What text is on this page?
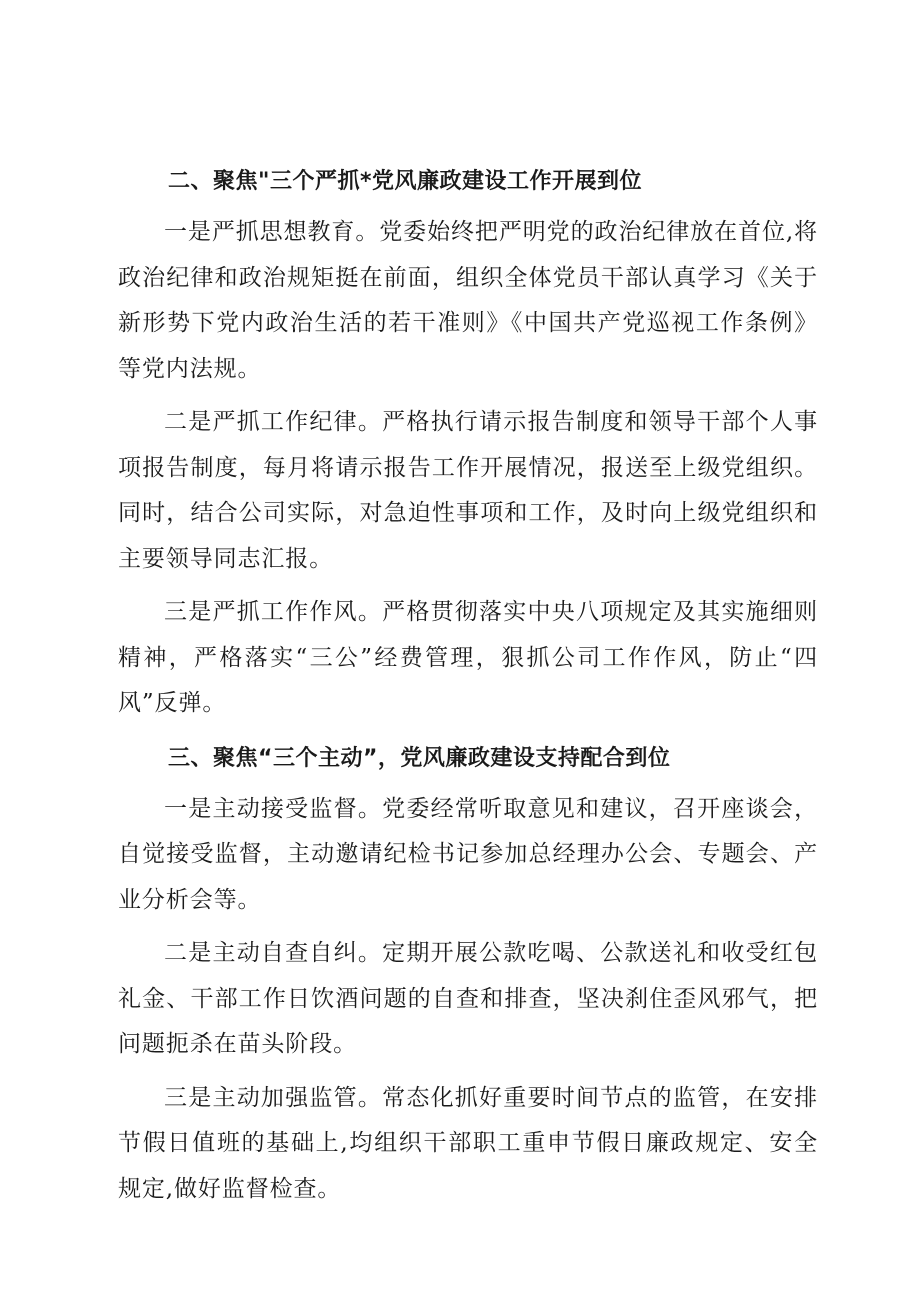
二、聚焦"三个严抓*党风廉政建设工作开展到位

一是严抓思想教育。党委始终把严明党的政治纪律放在首位,将政治纪律和政治规矩挺在前面，组织全体党员干部认真学习《关于新形势下党内政治生活的若干准则》《中国共产党巡视工作条例》等党内法规。

二是严抓工作纪律。严格执行请示报告制度和领导干部个人事项报告制度，每月将请示报告工作开展情况，报送至上级党组织。同时，结合公司实际，对急迫性事项和工作，及时向上级党组织和主要领导同志汇报。

三是严抓工作作风。严格贯彻落实中央八项规定及其实施细则精神，严格落实“三公”经费管理，狠抓公司工作作风，防止“四风”反弹。

三、聚焦“三个主动”，党风廉政建设支持配合到位

一是主动接受监督。党委经常听取意见和建议，召开座谈会，自觉接受监督，主动邀请纪检书记参加总经理办公会、专题会、产业分析会等。

二是主动自查自纠。定期开展公款吃喝、公款送礼和收受红包礼金、干部工作日饮酒问题的自查和排查，坚决刹住歪风邪气，把问题扼杀在苗头阶段。

三是主动加强监管。常态化抓好重要时间节点的监管，在安排节假日值班的基础上,均组织干部职工重申节假日廉政规定、安全规定,做好监督检查。
